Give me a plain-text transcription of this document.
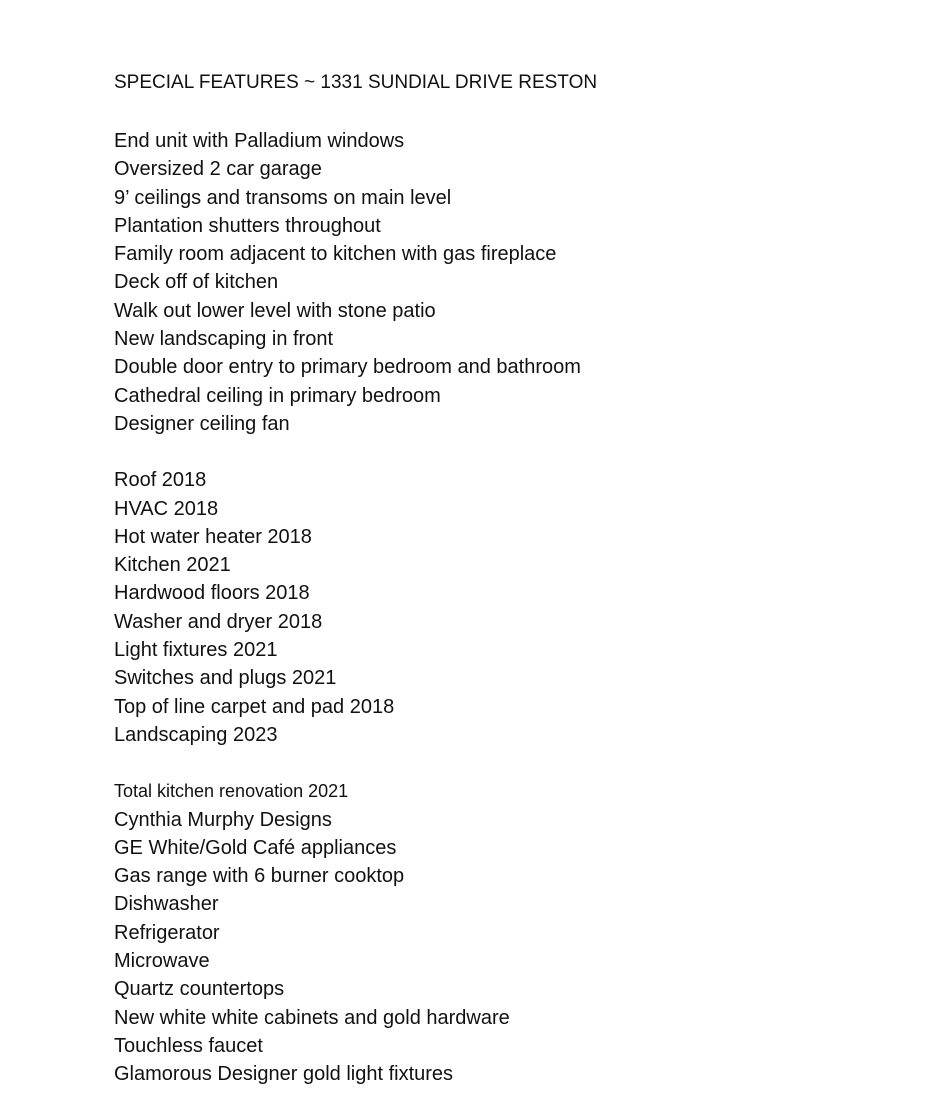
SPECIAL FEATURES ~ 1331 SUNDIAL DRIVE RESTON

End unit with Palladium windows
Oversized 2 car garage
9’ ceilings and transoms on main level
Plantation shutters throughout
Family room adjacent to kitchen with gas fireplace
Deck off of kitchen
Walk out lower level with stone patio
New landscaping in front
Double door entry to primary bedroom and bathroom
Cathedral ceiling in primary bedroom
Designer ceiling fan
Roof 2018
HVAC 2018
Hot water heater 2018
Kitchen 2021
Hardwood floors 2018
Washer and dryer 2018
Light fixtures 2021
Switches and plugs 2021
Top of line carpet and pad 2018
Landscaping 2023
Total kitchen renovation 2021
Cynthia Murphy Designs
GE White/Gold Café appliances
Gas range with 6 burner cooktop
Dishwasher
Refrigerator
Microwave
Quartz countertops
New white white cabinets and gold hardware
Touchless faucet
Glamorous Designer gold light fixtures
